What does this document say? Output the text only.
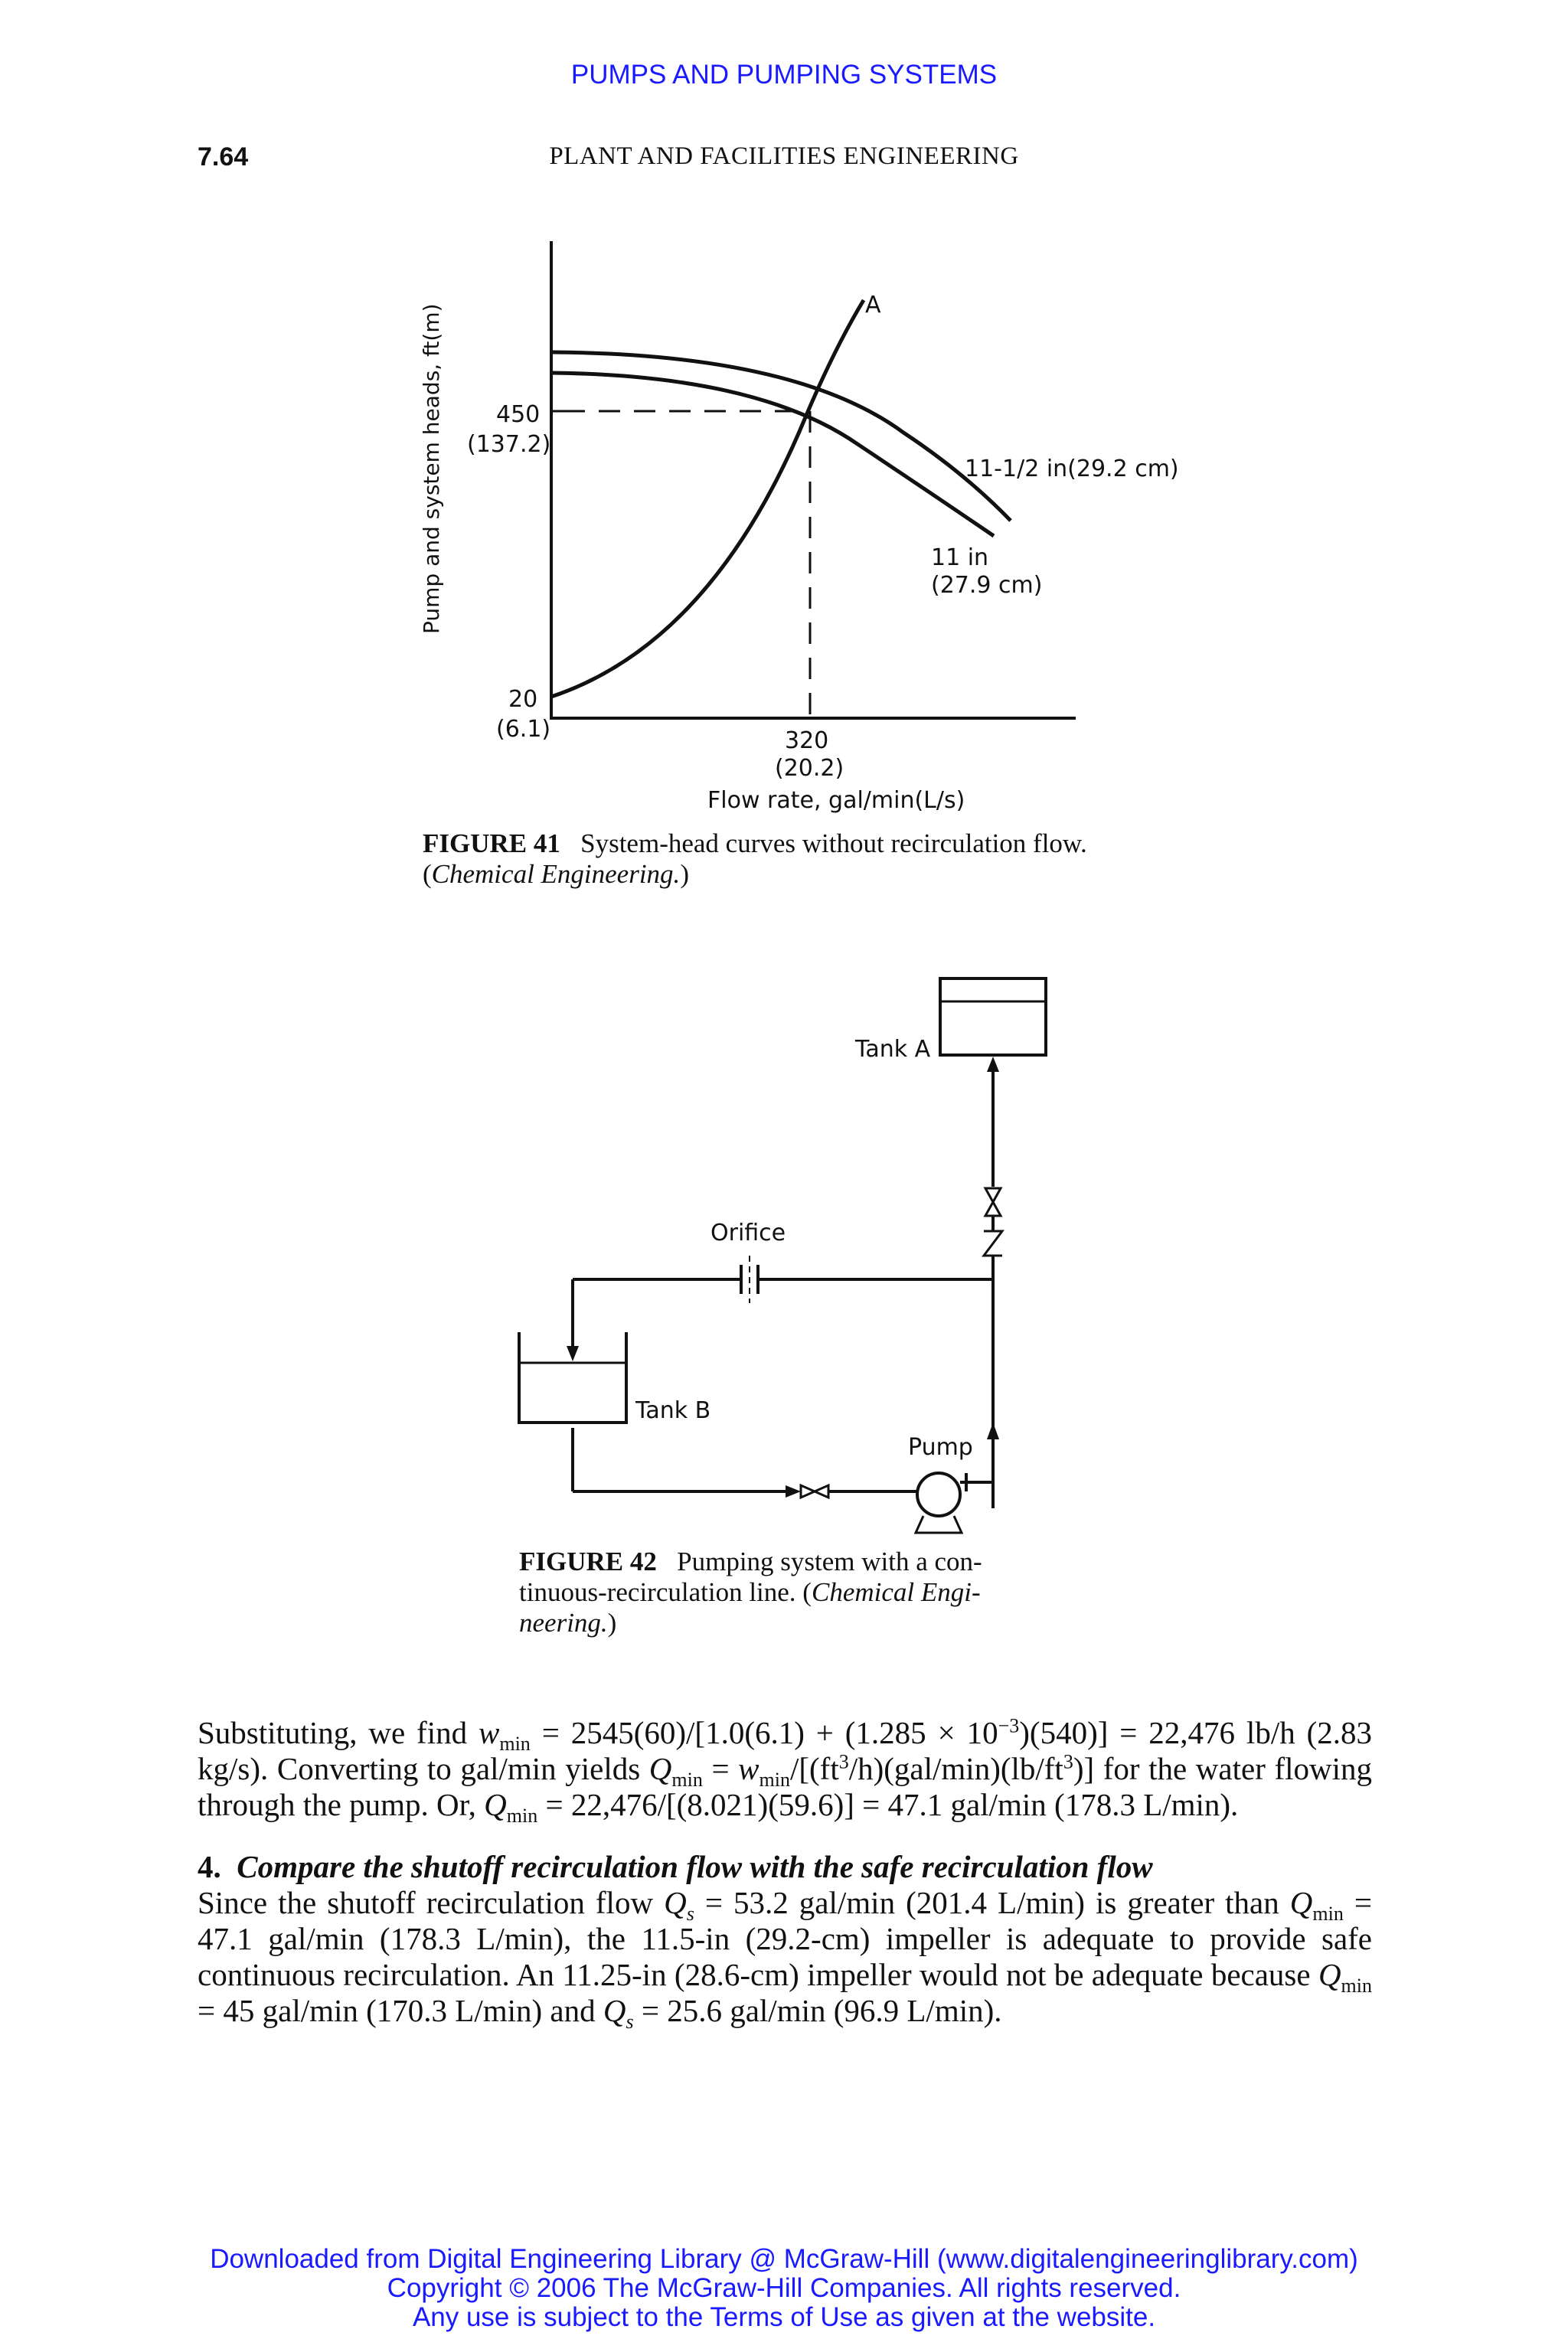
PUMPS AND PUMPING SYSTEMS
7.64	PLANT AND FACILITIES ENGINEERING
Pump and system heads, ft(m) 450
(137.2)
20
(6.1)	320
(20.2)
Flow rate, gal/min(L/s)
A
11-1/2 in(29.2 cm)
11 in
(27.9 cm)
FIGURE 41 System-head curves without recirculation flow.
(Chemical Engineering.)
Tank A
Orifice
Tank B
Pump
FIGURE 42 Pumping system with a con-
tinuous-recirculation line. (Chemical Engi-
neering.)

Substituting, we find $w_{min} = 2545(60)/[1.0(6.1) + (1.285 \times 10^{-3})(540)] = 22,476$ lb/h (2.83 kg/s). Converting to gal/min yields $Q_{min} = w_{min}/[(ft^3/h)(gal/\min)(lb/ft^3)]$ for the water flowing through the pump. Or, $Q_{min} = 22,476/[(8.021)(59.6)] = 47.1$ gal/min (178.3 L/min).

4. Compare the shutoff recirculation flow with the safe recirculation flow

Since the shutoff recirculation flow $Q_s = 53.2$ gal/min (201.4 L/min) is greater than $Q_{min} = 47.1$ gal/min (178.3 L/min), the 11.5-in (29.2-cm) impeller is adequate to provide safe continuous recirculation. An 11.25-in (28.6-cm) impeller would not be adequate because $Q_{min} = 45$ gal/min (170.3 L/min) and $Q_s = 25.6$ gal/min (96.9 L/min).

Downloaded from Digital Engineering Library @ McGraw-Hill (www.digitalengineeringlibrary.com)
Copyright © 2006 The McGraw-Hill Companies. All rights reserved.
Any use is subject to the Terms of Use as given at the website.
